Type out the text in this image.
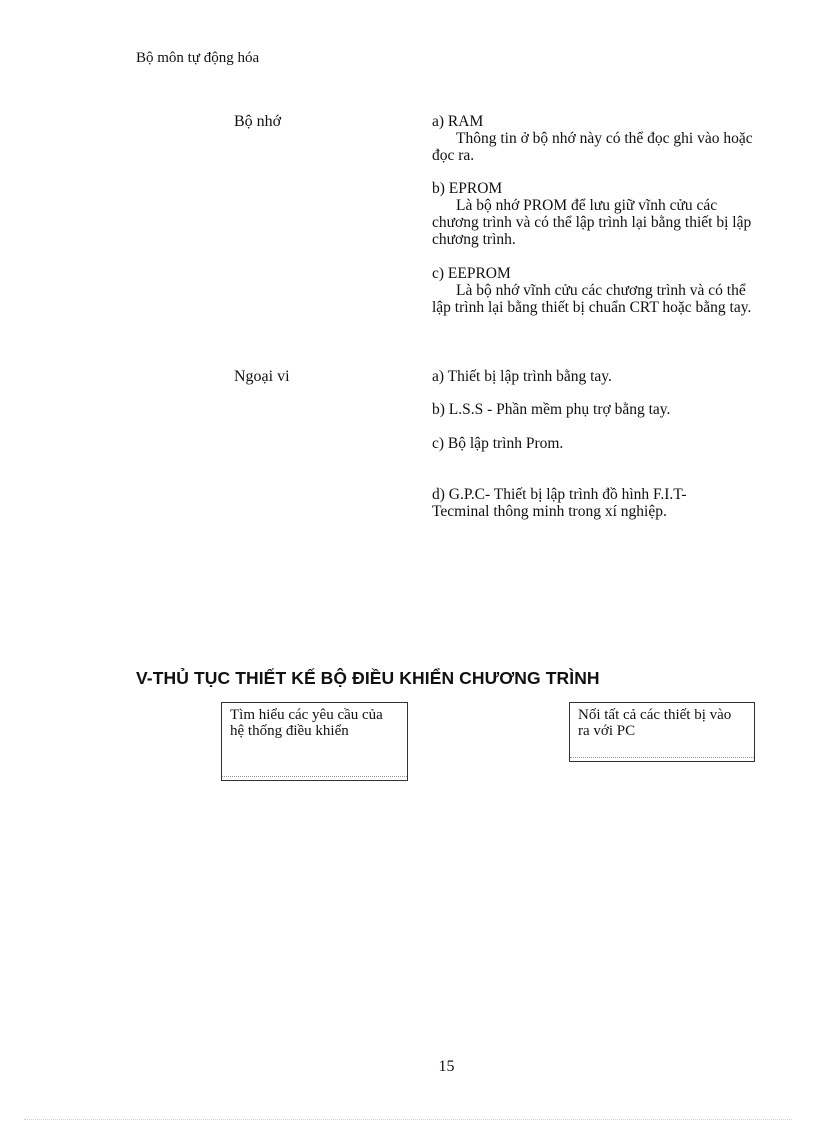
Bộ môn tự động hóa
Bộ nhớ	a) RAM
Thông tin ở bộ nhớ này có thể đọc ghi vào hoặc đọc ra.
b) EPROM
Là bộ nhớ PROM để lưu giữ vĩnh cửu các chương trình và có thể lập trình lại bằng thiết bị lập chương trình.
c) EEPROM
Là bộ nhớ vĩnh cửu các chương trình và có thể lập trình lại bằng thiết bị chuẩn CRT hoặc bằng tay.
Ngoại vi	a) Thiết bị lập trình bằng tay.
b) L.S.S - Phần mềm phụ trợ bằng tay.
c) Bộ lập trình Prom.
d) G.P.C- Thiết bị lập trình đồ hình F.I.T-Tecminal thông minh trong xí nghiệp.
V-THỦ TỤC THIẾT KẾ BỘ ĐIỀU KHIỂN CHƯƠNG TRÌNH
Tìm hiểu các yêu cầu của hệ thống điều khiển
Nối tất cả các thiết bị vào ra với PC
15
